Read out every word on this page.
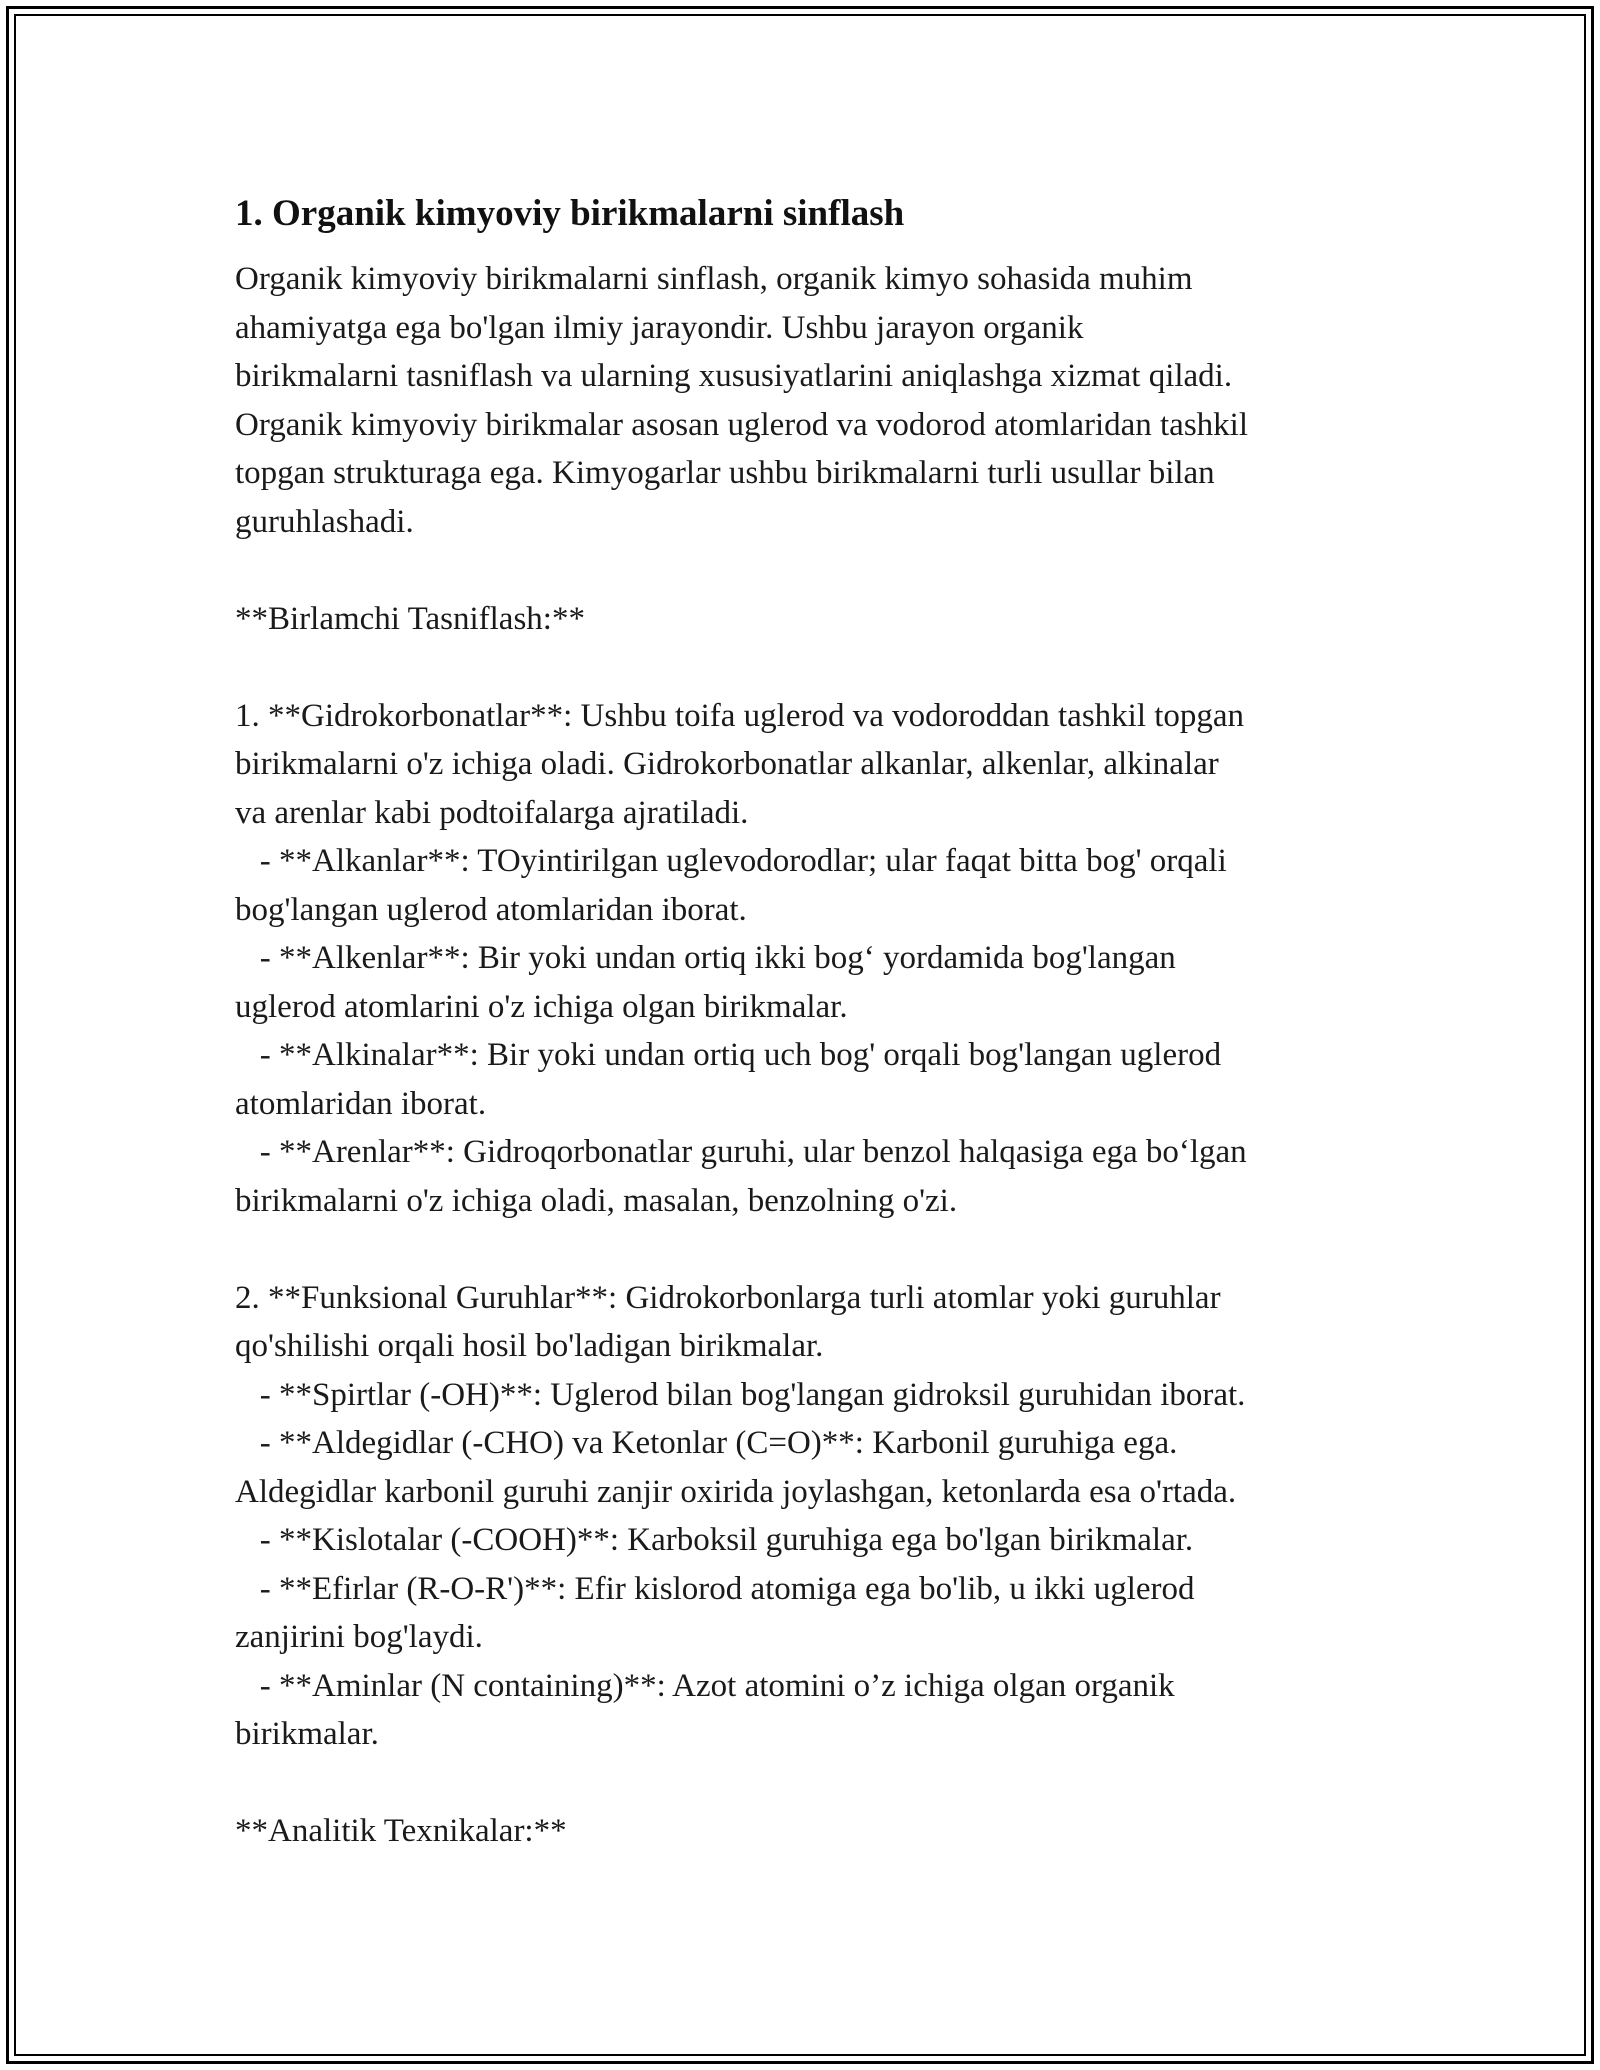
1. Organik kimyoviy birikmalarni sinflash

Organik kimyoviy birikmalarni sinflash, organik kimyo sohasida muhim

ahamiyatga ega bo'lgan ilmiy jarayondir. Ushbu jarayon organik

birikmalarni tasniflash va ularning xususiyatlarini aniqlashga xizmat qiladi.

Organik kimyoviy birikmalar asosan uglerod va vodorod atomlaridan tashkil

topgan strukturaga ega. Kimyogarlar ushbu birikmalarni turli usullar bilan

guruhlashadi.

**Birlamchi Tasniflash:**

1. **Gidrokorbonatlar**: Ushbu toifa uglerod va vodoroddan tashkil topgan

birikmalarni o'z ichiga oladi. Gidrokorbonatlar alkanlar, alkenlar, alkinalar

va arenlar kabi podtoifalarga ajratiladi.

- **Alkanlar**: TOyintirilgan uglevodorodlar; ular faqat bitta bog' orqali

bog'langan uglerod atomlaridan iborat.

- **Alkenlar**: Bir yoki undan ortiq ikki bog‘ yordamida bog'langan

uglerod atomlarini o'z ichiga olgan birikmalar.

- **Alkinalar**: Bir yoki undan ortiq uch bog' orqali bog'langan uglerod

atomlaridan iborat.

- **Arenlar**: Gidroqorbonatlar guruhi, ular benzol halqasiga ega bo‘lgan

birikmalarni o'z ichiga oladi, masalan, benzolning o'zi.

2. **Funksional Guruhlar**: Gidrokorbonlarga turli atomlar yoki guruhlar

qo'shilishi orqali hosil bo'ladigan birikmalar.

- **Spirtlar (-OH)**: Uglerod bilan bog'langan gidroksil guruhidan iborat.

- **Aldegidlar (-CHO) va Ketonlar (C=O)**: Karbonil guruhiga ega.

Aldegidlar karbonil guruhi zanjir oxirida joylashgan, ketonlarda esa o'rtada.

- **Kislotalar (-COOH)**: Karboksil guruhiga ega bo'lgan birikmalar.

- **Efirlar (R-O-R')**: Efir kislorod atomiga ega bo'lib, u ikki uglerod

zanjirini bog'laydi.

- **Aminlar (N containing)**: Azot atomini o’z ichiga olgan organik

birikmalar.

**Analitik Texnikalar:**
